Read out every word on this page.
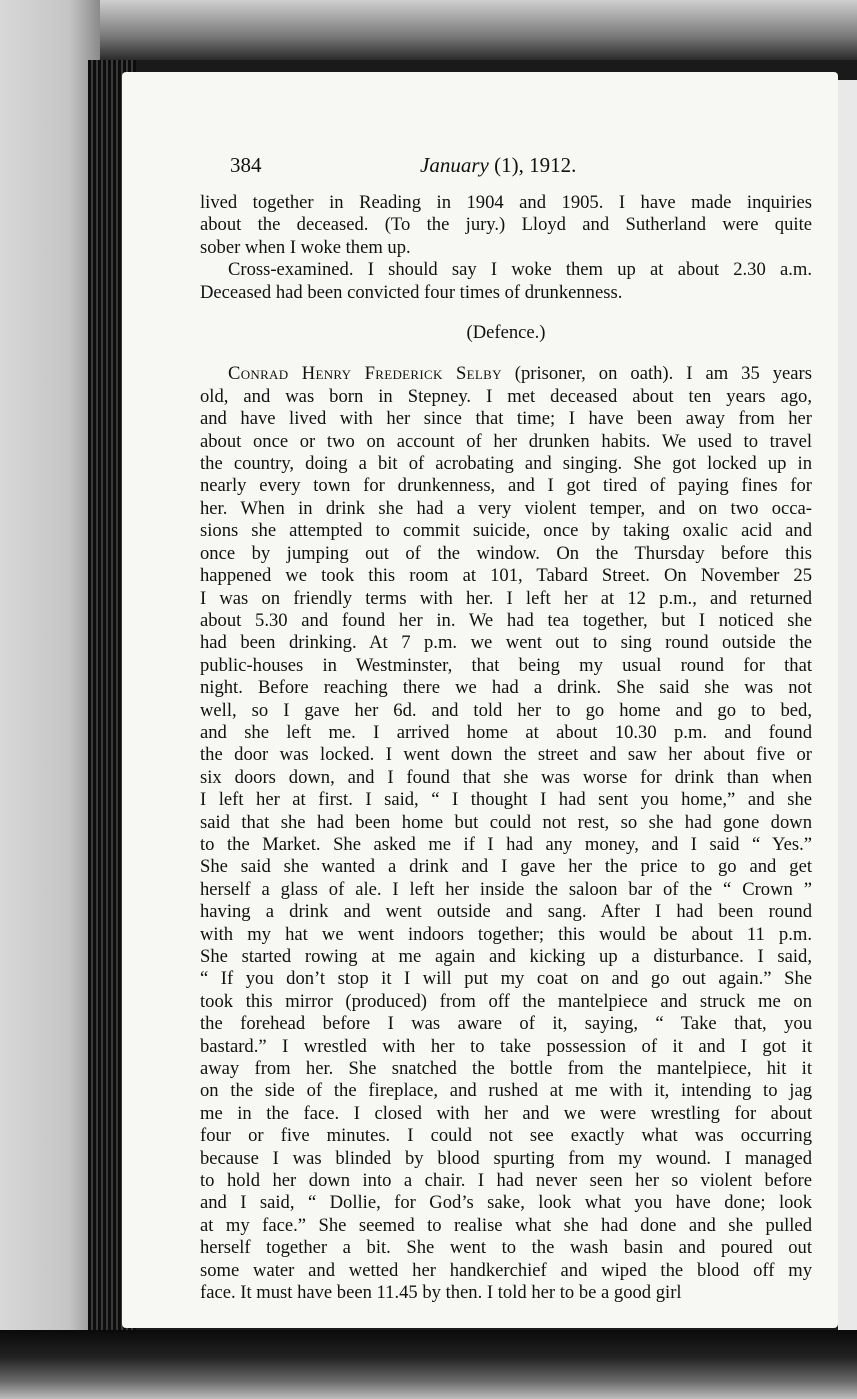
384	January (1), 1912.
lived together in Reading in 1904 and 1905. I have made inquiries
about the deceased. (To the jury.) Lloyd and Sutherland were quite
sober when I woke them up.
Cross-examined. I should say I woke them up at about 2.30 a.m.
Deceased had been convicted four times of drunkenness.
(Defence.)
Conrad Henry Frederick Selby (prisoner, on oath). I am 35 years
old, and was born in Stepney. I met deceased about ten years ago,
and have lived with her since that time; I have been away from her
about once or two on account of her drunken habits. We used to travel
the country, doing a bit of acrobating and singing. She got locked up in
nearly every town for drunkenness, and I got tired of paying fines for
her. When in drink she had a very violent temper, and on two occa-
sions she attempted to commit suicide, once by taking oxalic acid and
once by jumping out of the window. On the Thursday before this
happened we took this room at 101, Tabard Street. On November 25
I was on friendly terms with her. I left her at 12 p.m., and returned
about 5.30 and found her in. We had tea together, but I noticed she
had been drinking. At 7 p.m. we went out to sing round outside the
public-houses in Westminster, that being my usual round for that
night. Before reaching there we had a drink. She said she was not
well, so I gave her 6d. and told her to go home and go to bed,
and she left me. I arrived home at about 10.30 p.m. and found
the door was locked. I went down the street and saw her about five or
six doors down, and I found that she was worse for drink than when
I left her at first. I said, “ I thought I had sent you home,” and she
said that she had been home but could not rest, so she had gone down
to the Market. She asked me if I had any money, and I said “ Yes.”
She said she wanted a drink and I gave her the price to go and get
herself a glass of ale. I left her inside the saloon bar of the “ Crown ”
having a drink and went outside and sang. After I had been round
with my hat we went indoors together; this would be about 11 p.m.
She started rowing at me again and kicking up a disturbance. I said,
“ If you don’t stop it I will put my coat on and go out again.” She
took this mirror (produced) from off the mantelpiece and struck me on
the forehead before I was aware of it, saying, “ Take that, you
bastard.” I wrestled with her to take possession of it and I got it
away from her. She snatched the bottle from the mantelpiece, hit it
on the side of the fireplace, and rushed at me with it, intending to jag
me in the face. I closed with her and we were wrestling for about
four or five minutes. I could not see exactly what was occurring
because I was blinded by blood spurting from my wound. I managed
to hold her down into a chair. I had never seen her so violent before
and I said, “ Dollie, for God’s sake, look what you have done; look
at my face.” She seemed to realise what she had done and she pulled
herself together a bit. She went to the wash basin and poured out
some water and wetted her handkerchief and wiped the blood off my
face. It must have been 11.45 by then. I told her to be a good girl
